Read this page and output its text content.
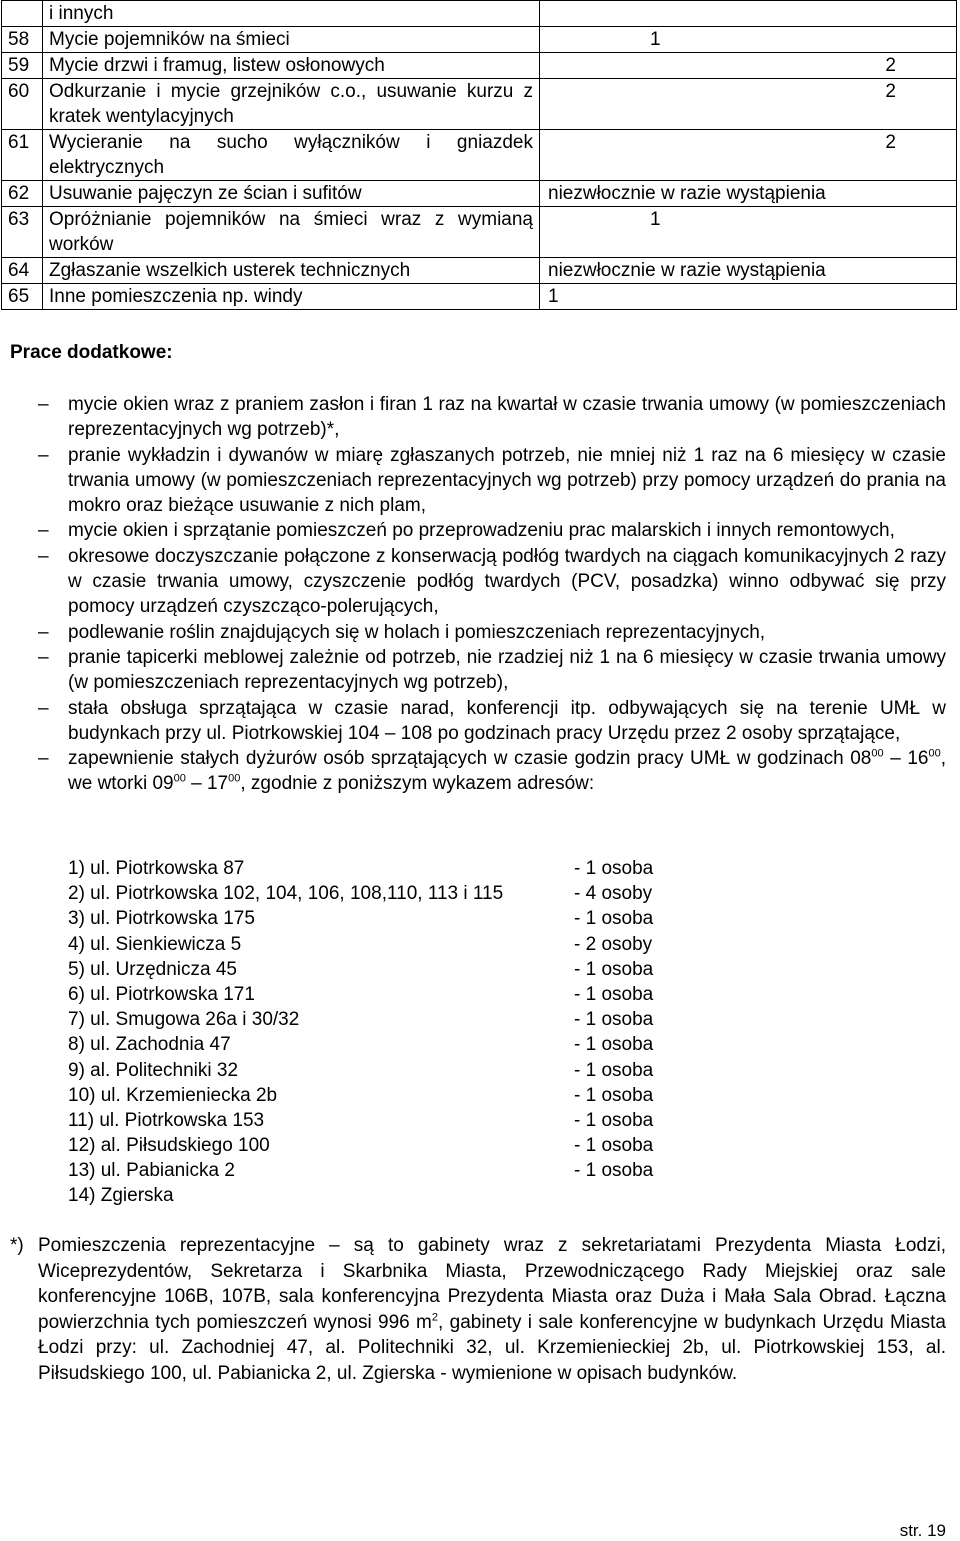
	i innych	
58	Mycie pojemników na śmieci	1
59	Mycie drzwi i framug, listew osłonowych	2
60	Odkurzanie i mycie grzejników c.o., usuwanie kurzu z kratek wentylacyjnych	2
61	Wycieranie na sucho wyłączników i gniazdek elektrycznych	2
62	Usuwanie pajęczyn ze ścian i sufitów	niezwłocznie w razie wystąpienia
63	Opróżnianie pojemników na śmieci wraz z wymianą worków	1
64	Zgłaszanie wszelkich usterek technicznych	niezwłocznie w razie wystąpienia
65	Inne pomieszczenia np. windy	1
Prace dodatkowe:
– mycie okien wraz z praniem zasłon i firan 1 raz na kwartał w czasie trwania umowy (w pomieszczeniach reprezentacyjnych wg potrzeb)*,
– pranie wykładzin i dywanów w miarę zgłaszanych potrzeb, nie mniej niż 1 raz na 6 miesięcy w czasie trwania umowy (w pomieszczeniach reprezentacyjnych wg potrzeb) przy pomocy urządzeń do prania na mokro oraz bieżące usuwanie z nich plam,
– mycie okien i sprzątanie pomieszczeń po przeprowadzeniu prac malarskich i innych remontowych,
– okresowe doczyszczanie połączone z konserwacją podłóg twardych na ciągach komunikacyjnych 2 razy w czasie trwania umowy, czyszczenie podłóg twardych (PCV, posadzka) winno odbywać się przy pomocy urządzeń czyszcząco-polerujących,
– podlewanie roślin znajdujących się w holach i pomieszczeniach reprezentacyjnych,
– pranie tapicerki meblowej zależnie od potrzeb, nie rzadziej niż 1 na 6 miesięcy w czasie trwania umowy (w pomieszczeniach reprezentacyjnych wg potrzeb),
– stała obsługa sprzątająca w czasie narad, konferencji itp. odbywających się na terenie UMŁ w budynkach przy ul. Piotrkowskiej 104 – 108 po godzinach pracy Urzędu przez 2 osoby sprzątające,
– zapewnienie stałych dyżurów osób sprzątających w czasie godzin pracy UMŁ w godzinach $08^{00} - 16^{00}$, we wtorki $09^{00} - 17^{00}$, zgodnie z poniższym wykazem adresów:
1) ul. Piotrkowska 87	- 1 osoba
2) ul. Piotrkowska 102, 104, 106, 108,110, 113 i 115	- 4 osoby
3) ul. Piotrkowska 175	- 1 osoba
4) ul. Sienkiewicza 5	- 2 osoby
5) ul. Urzędnicza 45	- 1 osoba
6) ul. Piotrkowska 171	- 1 osoba
7) ul. Smugowa 26a i 30/32	- 1 osoba
8) ul. Zachodnia 47	- 1 osoba
9) al. Politechniki 32	- 1 osoba
10) ul. Krzemieniecka 2b	- 1 osoba
11) ul. Piotrkowska 153	- 1 osoba
12) al. Piłsudskiego 100	- 1 osoba
13) ul. Pabianicka 2	- 1 osoba
14) Zgierska
*) Pomieszczenia reprezentacyjne – są to gabinety wraz z sekretariatami Prezydenta Miasta Łodzi, Wiceprezydentów, Sekretarza i Skarbnika Miasta, Przewodniczącego Rady Miejskiej oraz sale konferencyjne 106B, 107B, sala konferencyjna Prezydenta Miasta oraz Duża i Mała Sala Obrad. Łączna powierzchnia tych pomieszczeń wynosi 996 $m^2$, gabinety i sale konferencyjne w budynkach Urzędu Miasta Łodzi przy: ul. Zachodniej 47, al. Politechniki 32, ul. Krzemienieckiej 2b, ul. Piotrkowskiej 153, al. Piłsudskiego 100, ul. Pabianicka 2, ul. Zgierska - wymienione w opisach budynków.
str. 19
